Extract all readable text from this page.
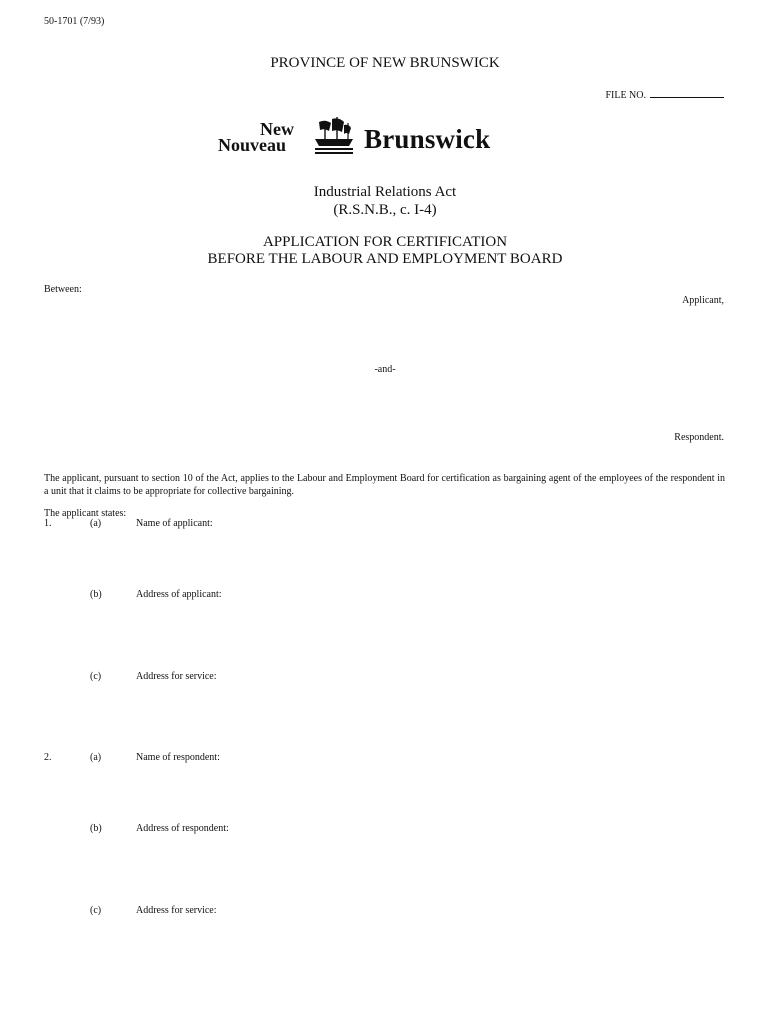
50-1701 (7/93)
PROVINCE OF NEW BRUNSWICK
FILE NO.
New
Nouveau	Brunswick
Industrial Relations Act
(R.S.N.B., c. I-4)
APPLICATION FOR CERTIFICATION
BEFORE THE LABOUR AND EMPLOYMENT BOARD
Between:
Applicant,
-and-
Respondent.
The applicant, pursuant to section 10 of the Act, applies to the Labour and Employment Board for certification as bargaining agent of the employees of the respondent in a unit that it claims to be appropriate for collective bargaining.
The applicant states:
1.	(a)	Name of applicant:
(b)	Address of applicant:
(c)	Address for service:
2.	(a)	Name of respondent:
(b)	Address of respondent:
(c)	Address for service:
